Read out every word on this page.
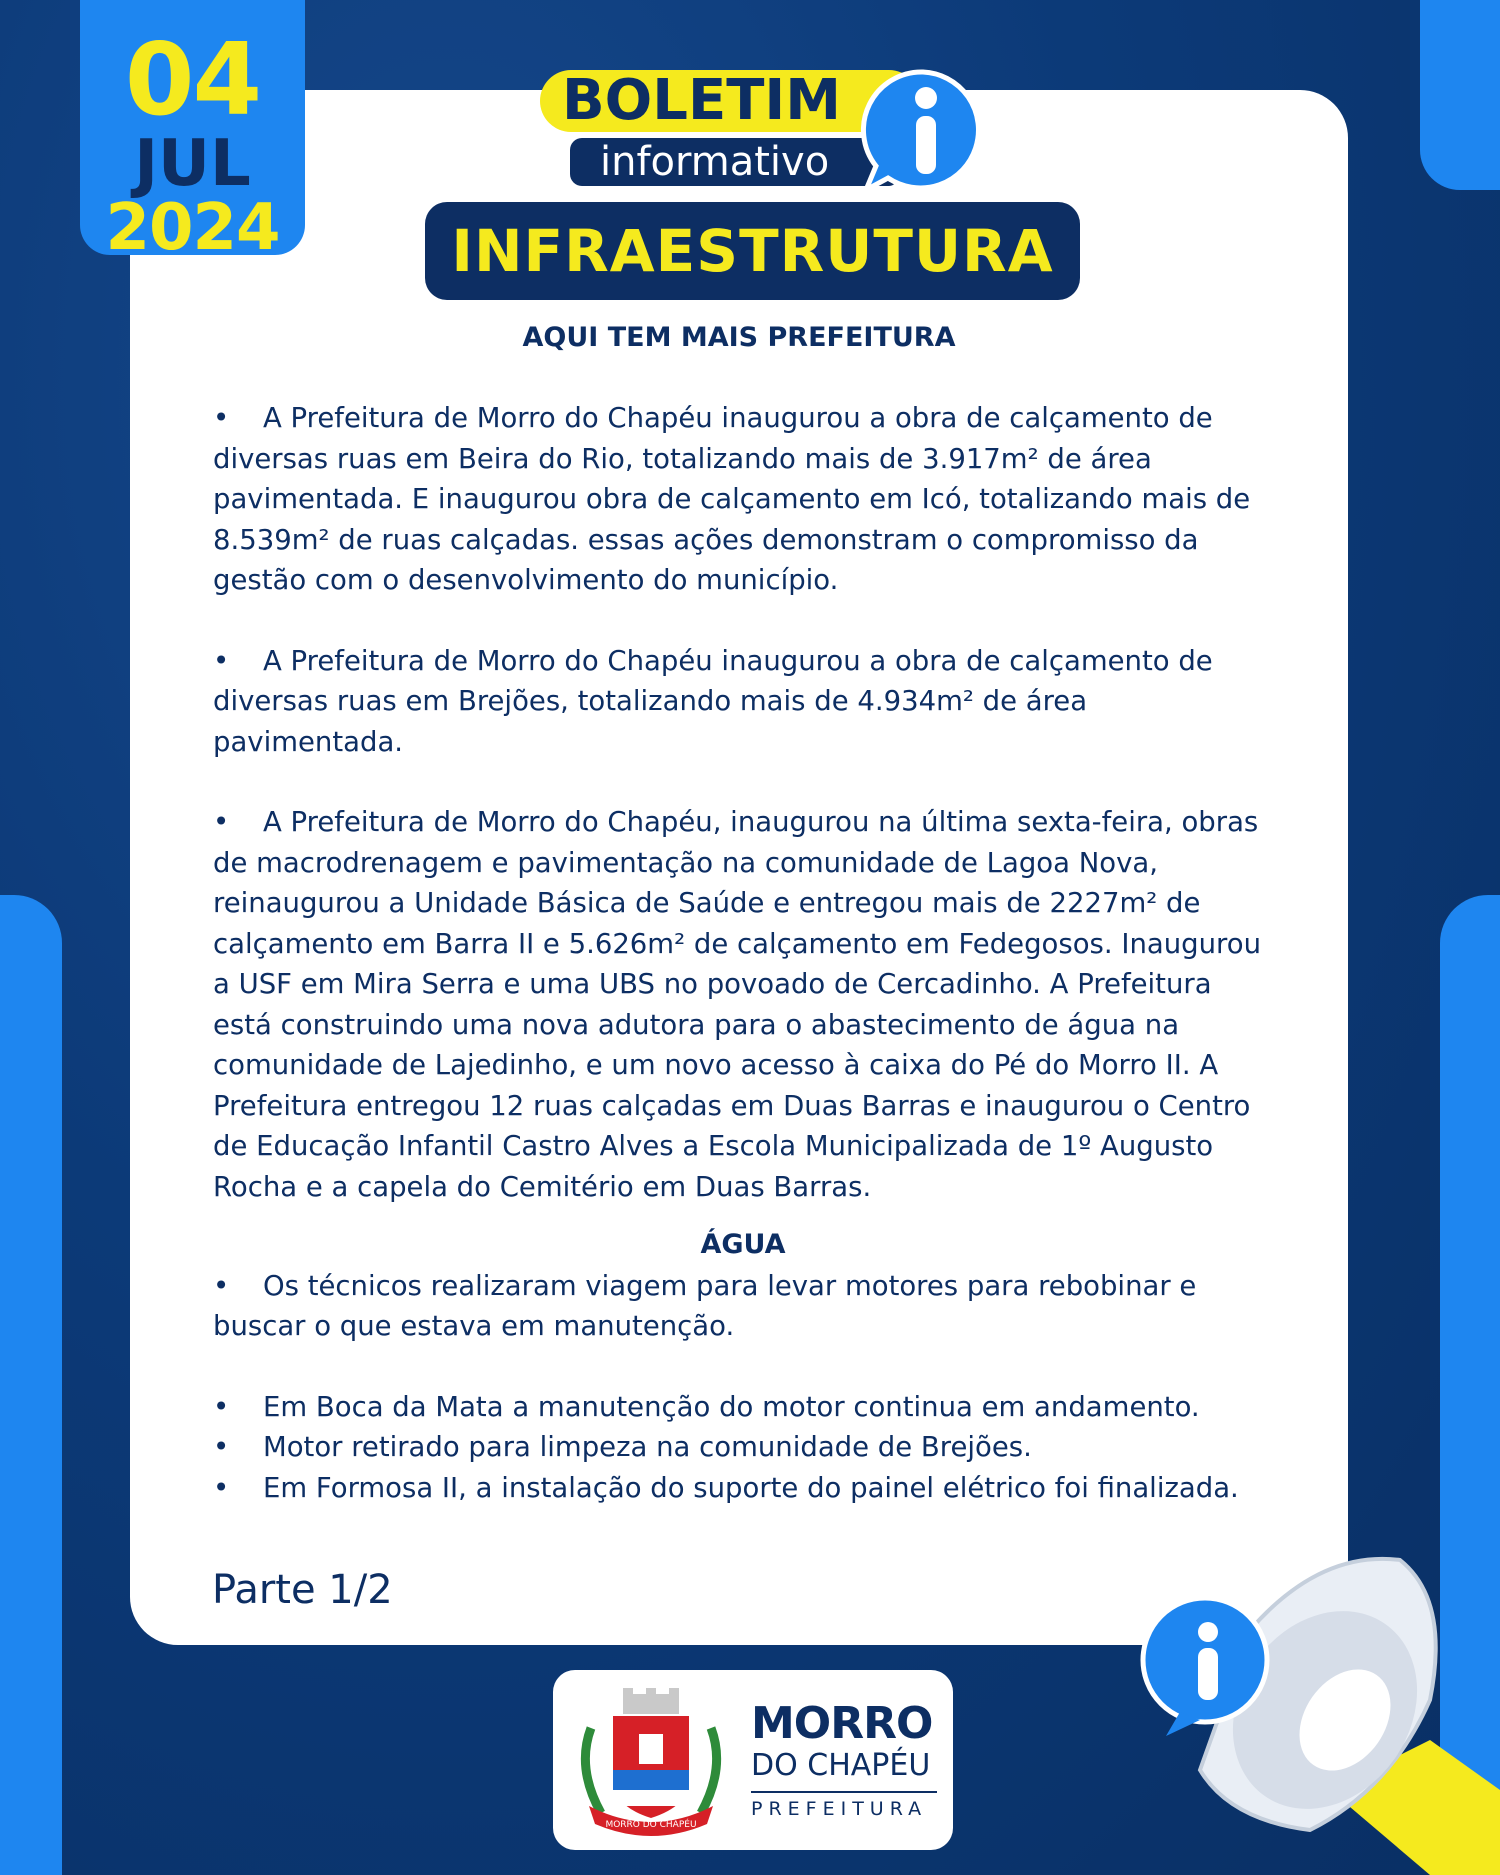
04
JUL
2024
BOLETIM
informativo
INFRAESTRUTURA
AQUI TEM MAIS PREFEITURA

• A Prefeitura de Morro do Chapéu inaugurou a obra de calçamento de diversas ruas em Beira do Rio, totalizando mais de 3.917m² de área pavimentada. E inaugurou obra de calçamento em Icó, totalizando mais de 8.539m² de ruas calçadas. essas ações demonstram o compromisso da gestão com o desenvolvimento do município.

• A Prefeitura de Morro do Chapéu inaugurou a obra de calçamento de diversas ruas em Brejões, totalizando mais de 4.934m² de área pavimentada.

• A Prefeitura de Morro do Chapéu, inaugurou na última sexta-feira, obras de macrodrenagem e pavimentação na comunidade de Lagoa Nova, reinaugurou a Unidade Básica de Saúde e entregou mais de 2227m² de calçamento em Barra II e 5.626m² de calçamento em Fedegosos. Inaugurou a USF em Mira Serra e uma UBS no povoado de Cercadinho. A Prefeitura está construindo uma nova adutora para o abastecimento de água na comunidade de Lajedinho, e um novo acesso à caixa do Pé do Morro II. A Prefeitura entregou 12 ruas calçadas em Duas Barras e inaugurou o Centro de Educação Infantil Castro Alves a Escola Municipalizada de 1º Augusto Rocha e a capela do Cemitério em Duas Barras.

ÁGUA

• Os técnicos realizaram viagem para levar motores para rebobinar e buscar o que estava em manutenção.

• Em Boca da Mata a manutenção do motor continua em andamento.
• Motor retirado para limpeza na comunidade de Brejões.
• Em Formosa II, a instalação do suporte do painel elétrico foi finalizada.
Parte 1/2
MORRO DO CHAPÉU
MORRO
DO CHAPÉU
PREFEITURA
